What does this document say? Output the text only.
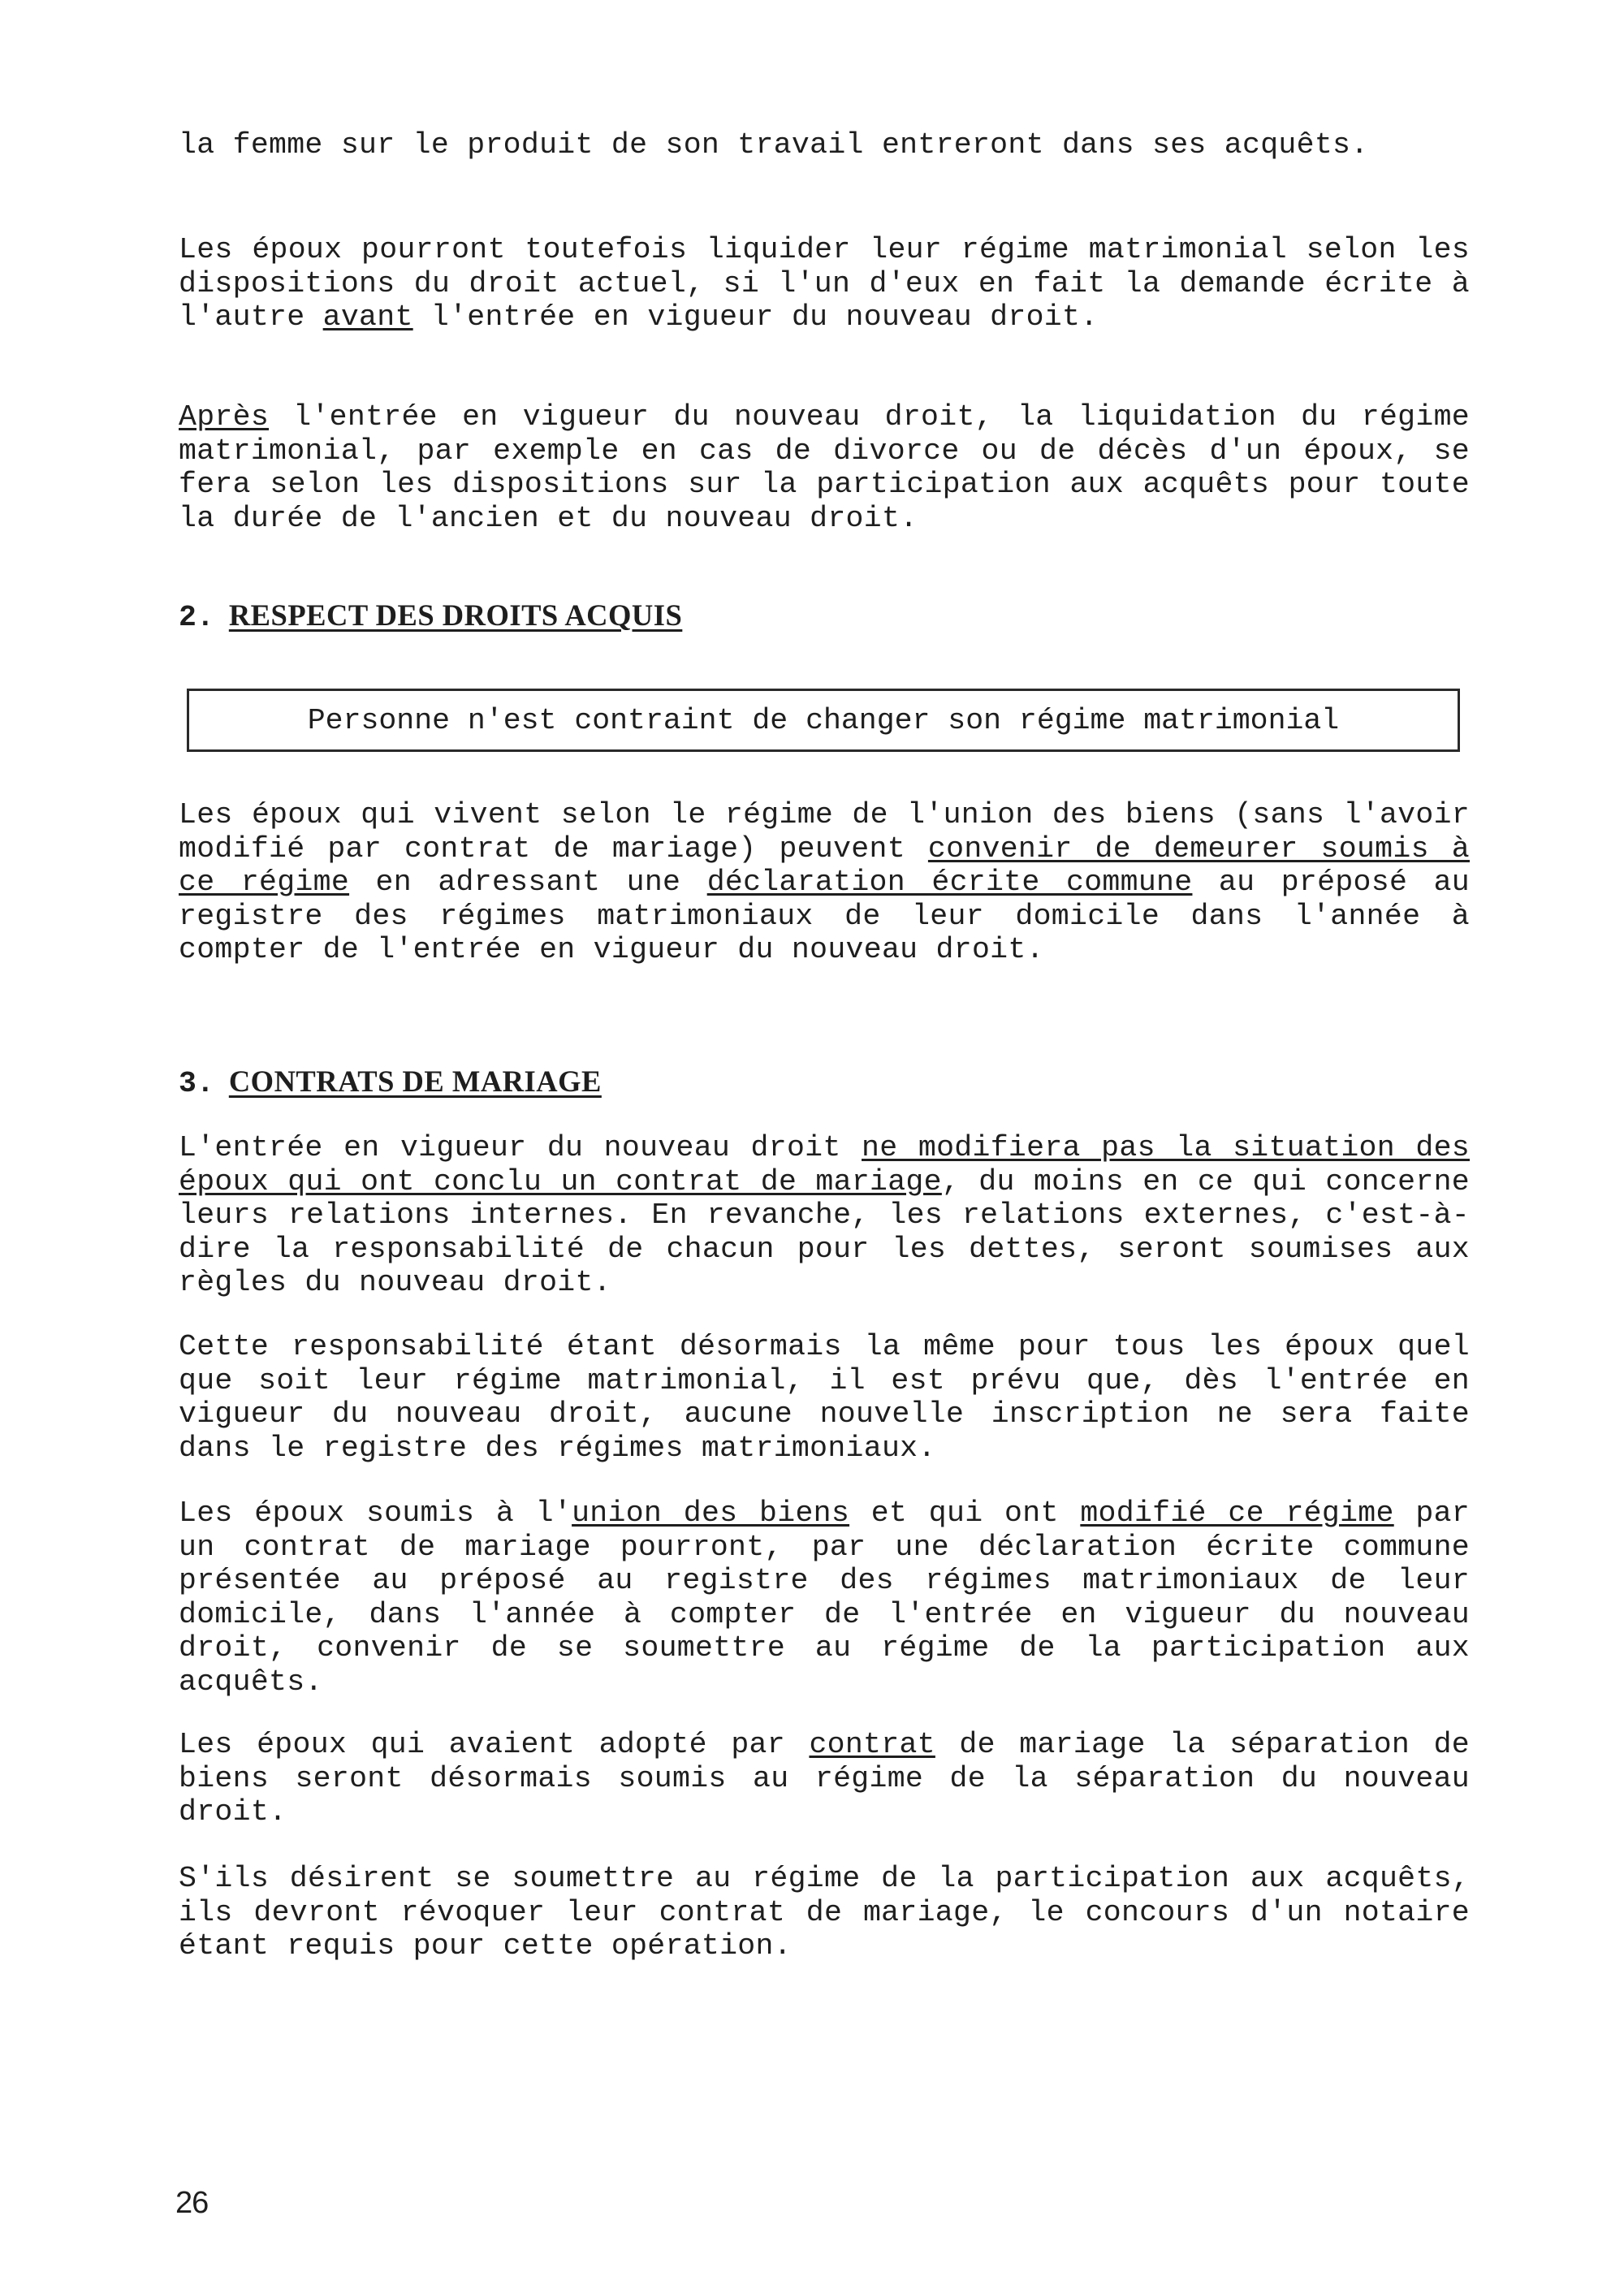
la femme sur le produit de son travail entreront dans ses acquêts.

Les époux pourront toutefois liquider leur régime matrimonial selon les dispositions du droit actuel, si l'un d'eux en fait la demande écrite à l'autre avant l'entrée en vigueur du nouveau droit.

Après l'entrée en vigueur du nouveau droit, la liquidation du régime matrimonial, par exemple en cas de divorce ou de décès d'un époux, se fera selon les dispositions sur la participation aux acquêts pour toute la durée de l'ancien et du nouveau droit.

2. RESPECT DES DROITS ACQUIS
Personne n'est contraint de changer son régime matrimonial

Les époux qui vivent selon le régime de l'union des biens (sans l'avoir modifié par contrat de mariage) peuvent convenir de demeurer soumis à ce régime en adressant une déclaration écrite commune au préposé au registre des régimes matrimoniaux de leur domicile dans l'année à compter de l'entrée en vigueur du nouveau droit.

3. CONTRATS DE MARIAGE

L'entrée en vigueur du nouveau droit ne modifiera pas la situation des époux qui ont conclu un contrat de mariage, du moins en ce qui concerne leurs relations internes. En revanche, les relations externes, c'est-à-dire la responsabilité de chacun pour les dettes, seront soumises aux règles du nouveau droit.

Cette responsabilité étant désormais la même pour tous les époux quel que soit leur régime matrimonial, il est prévu que, dès l'entrée en vigueur du nouveau droit, aucune nouvelle inscription ne sera faite dans le registre des régimes matrimoniaux.

Les époux soumis à l'union des biens et qui ont modifié ce régime par un contrat de mariage pourront, par une déclaration écrite commune présentée au préposé au registre des régimes matrimoniaux de leur domicile, dans l'année à compter de l'entrée en vigueur du nouveau droit, convenir de se soumettre au régime de la participation aux acquêts.

Les époux qui avaient adopté par contrat de mariage la séparation de biens seront désormais soumis au régime de la séparation du nouveau droit.

S'ils désirent se soumettre au régime de la participation aux acquêts, ils devront révoquer leur contrat de mariage, le concours d'un notaire étant requis pour cette opération.

26
